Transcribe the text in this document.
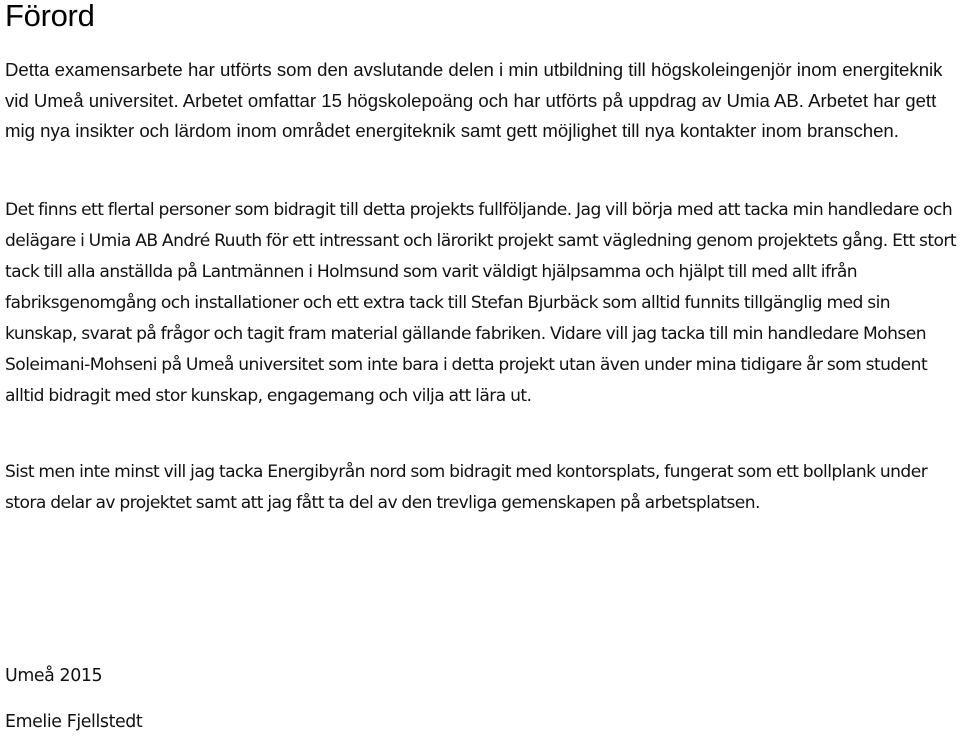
Förord

Detta examensarbete har utförts som den avslutande delen i min utbildning till högskoleingenjör inom energiteknik vid Umeå universitet. Arbetet omfattar 15 högskolepoäng och har utförts på uppdrag av Umia AB. Arbetet har gett mig nya insikter och lärdom inom området energiteknik samt gett möjlighet till nya kontakter inom branschen.

Det finns ett flertal personer som bidragit till detta projekts fullföljande. Jag vill börja med att tacka min handledare och delägare i Umia AB André Ruuth för ett intressant och lärorikt projekt samt vägledning genom projektets gång. Ett stort tack till alla anställda på Lantmännen i Holmsund som varit väldigt hjälpsamma och hjälpt till med allt ifrån fabriksgenomgång och installationer och ett extra tack till Stefan Bjurbäck som alltid funnits tillgänglig med sin kunskap, svarat på frågor och tagit fram material gällande fabriken. Vidare vill jag tacka till min handledare Mohsen Soleimani-Mohseni på Umeå universitet som inte bara i detta projekt utan även under mina tidigare år som student alltid bidragit med stor kunskap, engagemang och vilja att lära ut.

Sist men inte minst vill jag tacka Energibyrån nord som bidragit med kontorsplats, fungerat som ett bollplank under stora delar av projektet samt att jag fått ta del av den trevliga gemenskapen på arbetsplatsen.

Umeå 2015

Emelie Fjellstedt
